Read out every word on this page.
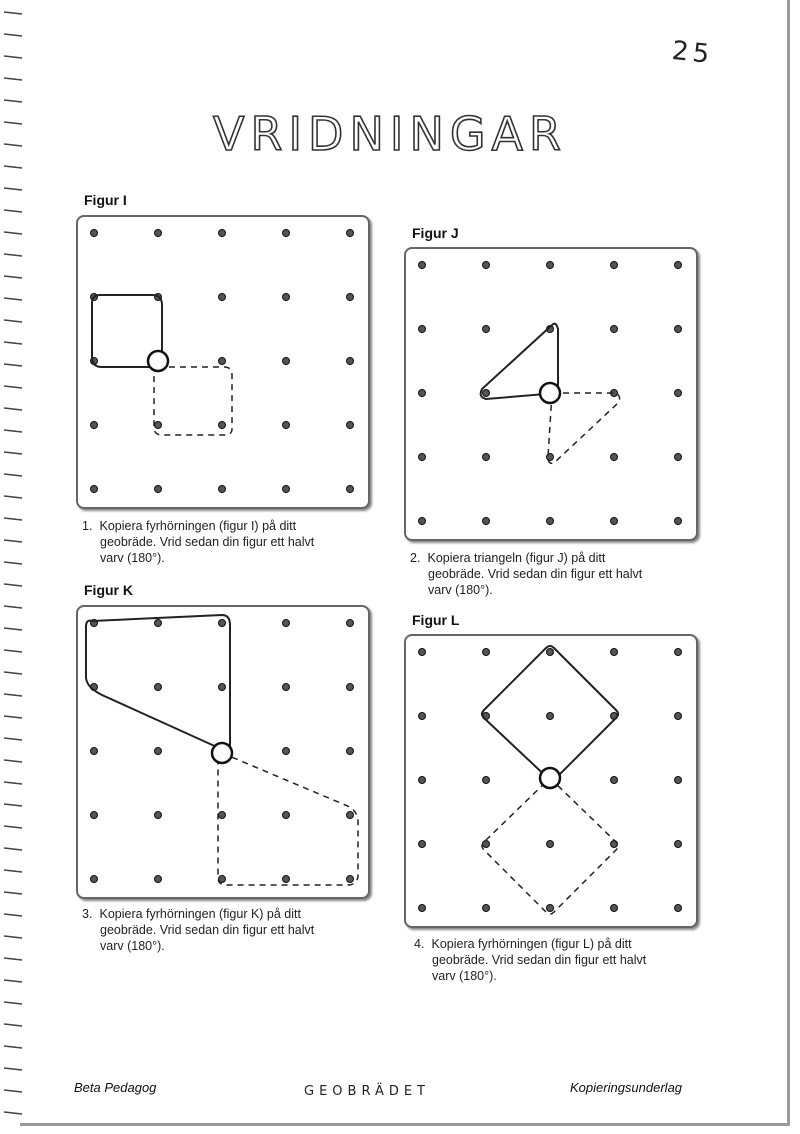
25
VRIDNINGAR
Figur I
1. Kopiera fyrhörningen (figur I) på ditt
geobräde. Vrid sedan din figur ett halvt
varv (180°).
Figur J
2. Kopiera triangeln (figur J) på ditt
geobräde. Vrid sedan din figur ett halvt
varv (180°).
Figur K
3. Kopiera fyrhörningen (figur K) på ditt
geobräde. Vrid sedan din figur ett halvt
varv (180°).
Figur L
4. Kopiera fyrhörningen (figur L) på ditt
geobräde. Vrid sedan din figur ett halvt
varv (180°).
Beta Pedagog	GEOBRÄDET	Kopieringsunderlag
